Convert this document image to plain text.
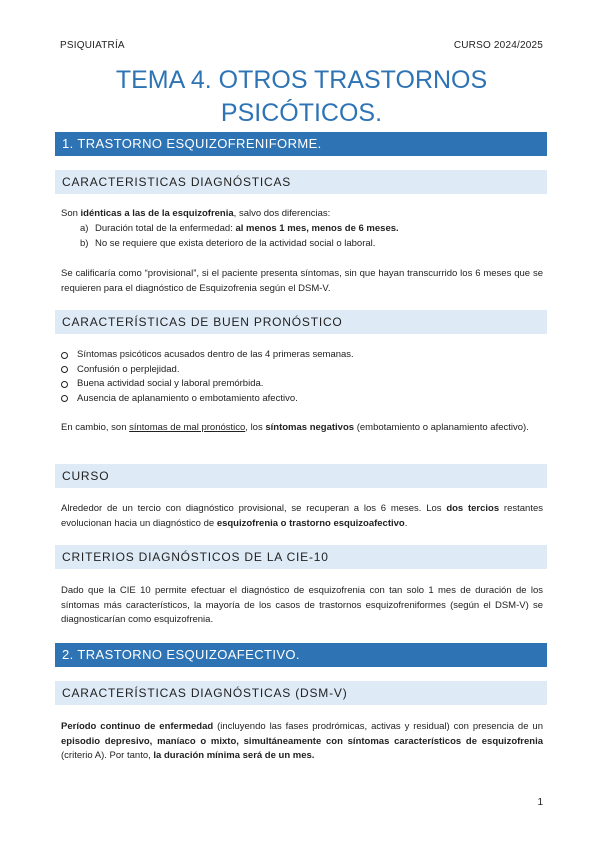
PSIQUIATRÍA	CURSO 2024/2025
TEMA 4. OTROS TRASTORNOS
PSICÓTICOS.
1. TRASTORNO ESQUIZOFRENIFORME.
CARACTERISTICAS DIAGNÓSTICAS

Son idénticas a las de la esquizofrenia, salvo dos diferencias:

a) Duración total de la enfermedad: al menos 1 mes, menos de 6 meses.
b) No se requiere que exista deterioro de la actividad social o laboral.

Se calificaría como “provisional”, si el paciente presenta síntomas, sin que hayan transcurrido los 6 meses que se requieren para el diagnóstico de Esquizofrenia según el DSM-V.

CARACTERÍSTICAS DE BUEN PRONÓSTICO
Síntomas psicóticos acusados dentro de las 4 primeras semanas.
Confusión o perplejidad.
Buena actividad social y laboral premórbida.
Ausencia de aplanamiento o embotamiento afectivo.

En cambio, son síntomas de mal pronóstico, los síntomas negativos (embotamiento o aplanamiento afectivo).

CURSO

Alrededor de un tercio con diagnóstico provisional, se recuperan a los 6 meses. Los dos tercios restantes evolucionan hacia un diagnóstico de esquizofrenia o trastorno esquizoafectivo.

CRITERIOS DIAGNÓSTICOS DE LA CIE-10

Dado que la CIE 10 permite efectuar el diagnóstico de esquizofrenia con tan solo 1 mes de duración de los síntomas más característicos, la mayoría de los casos de trastornos esquizofreniformes (según el DSM-V) se diagnosticarían como esquizofrenia.

2. TRASTORNO ESQUIZOAFECTIVO.
CARACTERÍSTICAS DIAGNÓSTICAS (DSM-V)

Período continuo de enfermedad (incluyendo las fases prodrómicas, activas y residual) con presencia de un episodio depresivo, maníaco o mixto, simultáneamente con síntomas característicos de esquizofrenia (criterio A). Por tanto, la duración mínima será de un mes.

1
